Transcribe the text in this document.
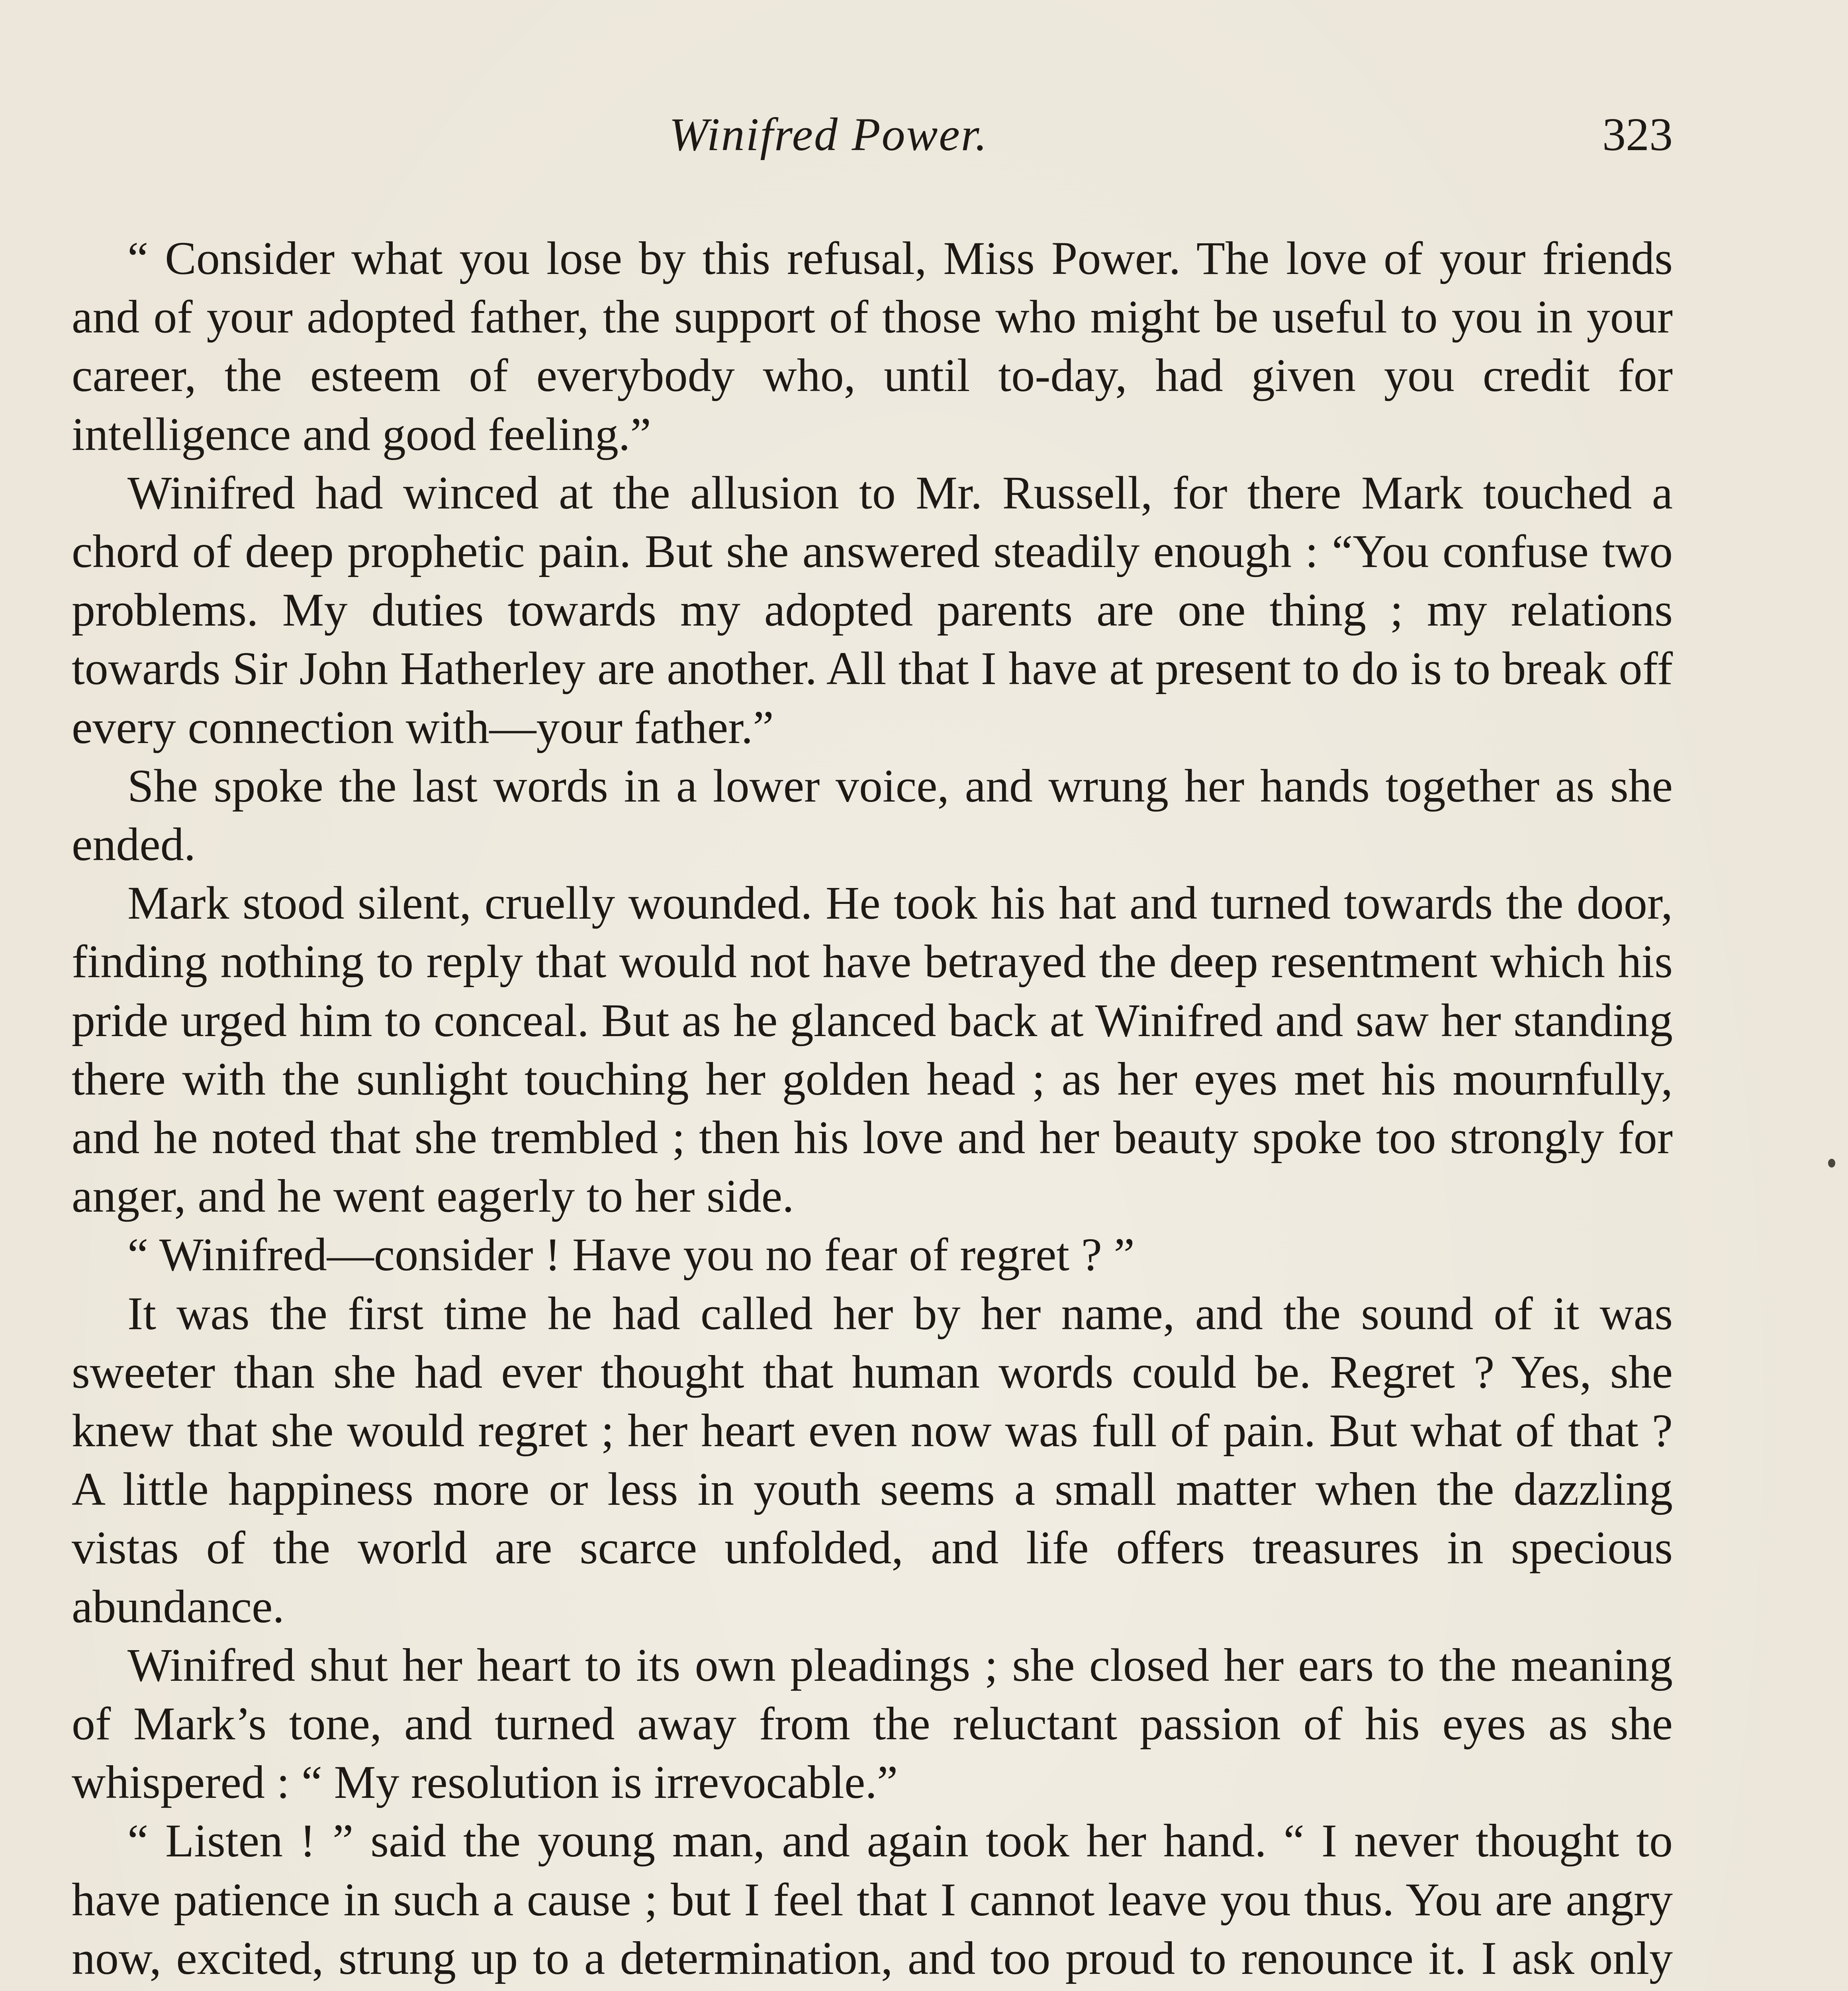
Winifred Power.	323

“ Consider what you lose by this refusal, Miss Power. The love of your friends and of your adopted father, the support of those who might be useful to you in your career, the esteem of everybody who, until to-day, had given you credit for intelligence and good feeling.”

Winifred had winced at the allusion to Mr. Russell, for there Mark touched a chord of deep prophetic pain. But she answered steadily enough : “You confuse two problems. My duties towards my adopted parents are one thing ; my relations towards Sir John Hatherley are another. All that I have at present to do is to break off every connection with—your father.”

She spoke the last words in a lower voice, and wrung her hands together as she ended.

Mark stood silent, cruelly wounded. He took his hat and turned towards the door, finding nothing to reply that would not have betrayed the deep resentment which his pride urged him to conceal. But as he glanced back at Winifred and saw her standing there with the sunlight touching her golden head ; as her eyes met his mournfully, and he noted that she trembled ; then his love and her beauty spoke too strongly for anger, and he went eagerly to her side.

“ Winifred—consider ! Have you no fear of regret ? ”

It was the first time he had called her by her name, and the sound of it was sweeter than she had ever thought that human words could be. Regret ? Yes, she knew that she would regret ; her heart even now was full of pain. But what of that ? A little happiness more or less in youth seems a small matter when the dazzling vistas of the world are scarce unfolded, and life offers treasures in specious abundance.

Winifred shut her heart to its own pleadings ; she closed her ears to the meaning of Mark’s tone, and turned away from the reluctant passion of his eyes as she whispered : “ My resolution is irrevocable.”

“ Listen ! ” said the young man, and again took her hand. “ I never thought to have patience in such a cause ; but I feel that I cannot leave you thus. You are angry now, excited, strung up to a determination, and too proud to renounce it. I ask only
